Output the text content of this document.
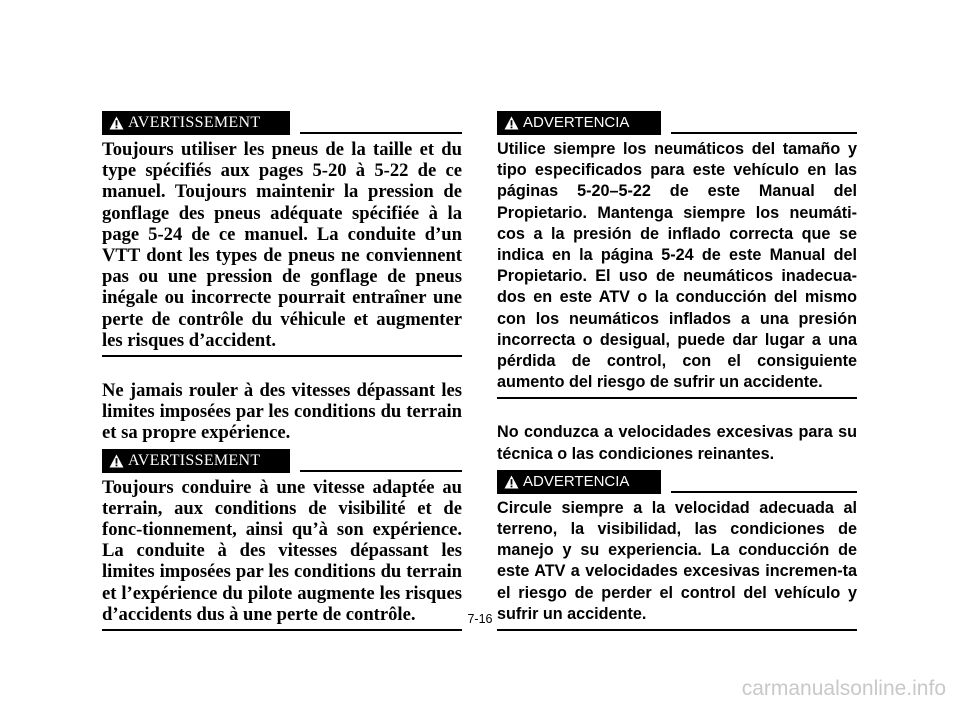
AVERTISSEMENT

Toujours utiliser les pneus de la taille et du type spécifiés aux pages 5-20 à 5-22 de ce manuel. Toujours maintenir la pression de gonflage des pneus adéquate spécifiée à la page 5-24 de ce manuel. La conduite d’un VTT dont les types de pneus ne conviennent pas ou une pression de gonflage de pneus inégale ou incorrecte pourrait entraîner une perte de contrôle du véhicule et augmenter les risques d’accident.

Ne jamais rouler à des vitesses dépassant les limites imposées par les conditions du terrain et sa propre expérience.

AVERTISSEMENT

Toujours conduire à une vitesse adaptée au terrain, aux conditions de visibilité et de fonc-tionnement, ainsi qu’à son expérience. La conduite à des vitesses dépassant les limites imposées par les conditions du terrain et l’expérience du pilote augmente les risques d’accidents dus à une perte de contrôle.

ADVERTENCIA

Utilice siempre los neumáticos del tamaño y tipo especificados para este vehículo en las páginas 5-20–5-22 de este Manual del Propietario. Mantenga siempre los neumáti-cos a la presión de inflado correcta que se indica en la página 5-24 de este Manual del Propietario. El uso de neumáticos inadecua-dos en este ATV o la conducción del mismo con los neumáticos inflados a una presión incorrecta o desigual, puede dar lugar a una pérdida de control, con el consiguiente aumento del riesgo de sufrir un accidente.

No conduzca a velocidades excesivas para su técnica o las condiciones reinantes.

ADVERTENCIA

Circule siempre a la velocidad adecuada al terreno, la visibilidad, las condiciones de manejo y su experiencia. La conducción de este ATV a velocidades excesivas incremen-ta el riesgo de perder el control del vehículo y sufrir un accidente.

7-16
carmanualsonline.info
